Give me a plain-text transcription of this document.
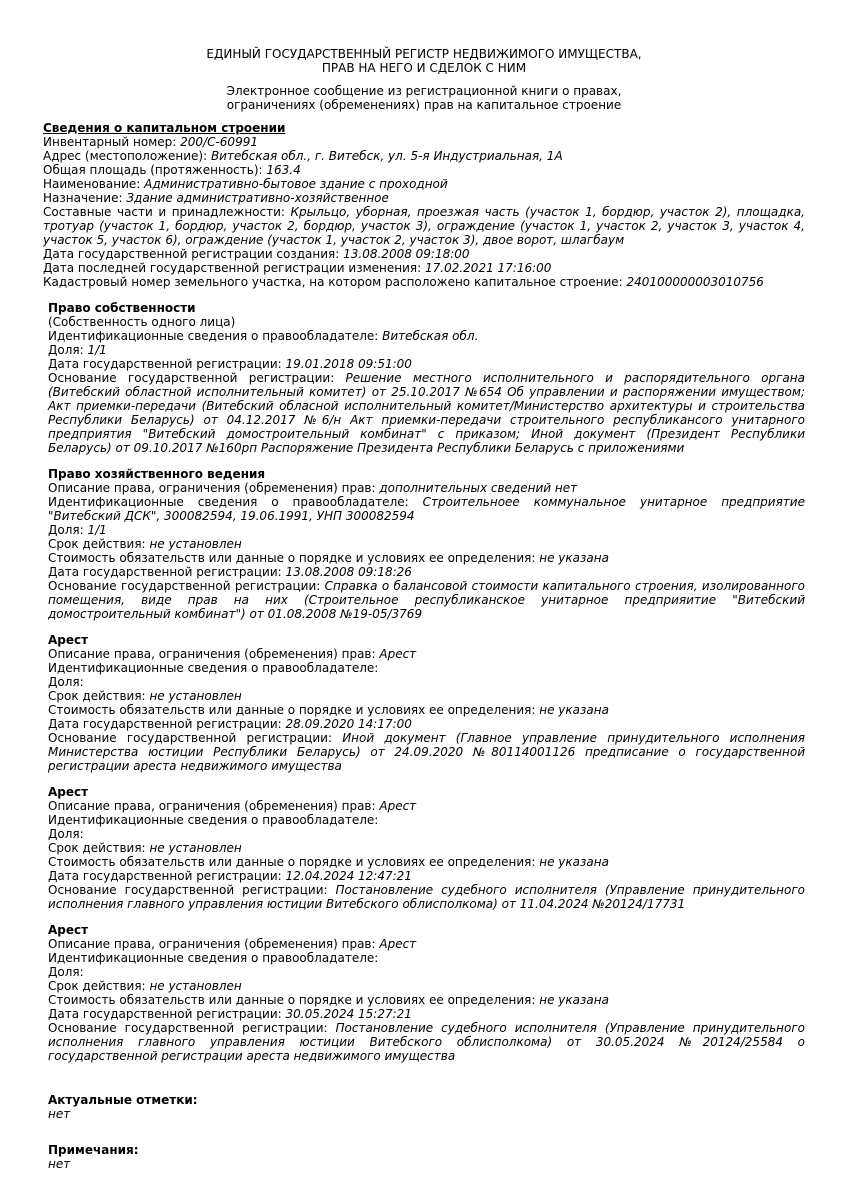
ЕДИНЫЙ ГОСУДАРСТВЕННЫЙ РЕГИСТР НЕДВИЖИМОГО ИМУЩЕСТВА,
ПРАВ НА НЕГО И СДЕЛОК С НИМ
Электронное сообщение из регистрационной книги о правах,
ограничениях (обременениях) прав на капитальное строение
Сведения о капитальном строении
Инвентарный номер: 200/С-60991
Адрес (местоположение): Витебская обл., г. Витебск, ул. 5-я Индустриальная, 1А
Общая площадь (протяженность): 163.4
Наименование: Административно-бытовое здание с проходной
Назначение: Здание административно-хозяйственное
Составные части и принадлежности: Крыльцо, уборная, проезжая часть (участок 1, бордюр, участок 2), площадка, тротуар (участок 1, бордюр, участок 2, бордюр, участок 3), ограждение (участок 1, участок 2, участок 3, участок 4, участок 5, участок 6), ограждение (участок 1, участок 2, участок 3), двое ворот, шлагбаум
Дата государственной регистрации создания: 13.08.2008 09:18:00
Дата последней государственной регистрации изменения: 17.02.2021 17:16:00
Кадастровый номер земельного участка, на котором расположено капитальное строение: 240100000003010756
Право собственности
(Собственность одного лица)
Идентификационные сведения о правообладателе: Витебская обл.
Доля: 1/1
Дата государственной регистрации: 19.01.2018 09:51:00
Основание государственной регистрации: Решение местного исполнительного и распорядительного органа (Витебский областной исполнительный комитет) от 25.10.2017 №654 Об управлении и распоряжении имуществом; Акт приемки-передачи (Витебский обласной исполнительный комитет/Министерство архитектуры и строительства Республики Беларусь) от 04.12.2017 №6/н Акт приемки-передачи строительного республикансого унитарного предприятия "Витебский домостроительный комбинат" с приказом; Иной документ (Президент Республики Беларусь) от 09.10.2017 №160рп Распоряжение Президента Республики Беларусь с приложениями
Право хозяйственного ведения
Описание права, ограничения (обременения) прав: дополнительных сведений нет
Идентификационные сведения о правообладателе: Строительноее коммунальное унитарное предприятие "Витебский ДСК", 300082594, 19.06.1991, УНП 300082594
Доля: 1/1
Срок действия: не установлен
Стоимость обязательств или данные о порядке и условиях ее определения: не указана
Дата государственной регистрации: 13.08.2008 09:18:26
Основание государственной регистрации: Справка о балансовой стоимости капитального строения, изолированного помещения, виде прав на них (Строительное республиканское унитарное предприяитие "Витебский домостроительный комбинат") от 01.08.2008 №19-05/3769
Арест
Описание права, ограничения (обременения) прав: Арест
Идентификационные сведения о правообладателе:
Доля:
Срок действия: не установлен
Стоимость обязательств или данные о порядке и условиях ее определения: не указана
Дата государственной регистрации: 28.09.2020 14:17:00
Основание государственной регистрации: Иной документ (Главное управление принудительного исполнения Министерства юстиции Республики Беларусь) от 24.09.2020 №80114001126 предписание о государственной регистрации ареста недвижимого имущества
Арест
Описание права, ограничения (обременения) прав: Арест
Идентификационные сведения о правообладателе:
Доля:
Срок действия: не установлен
Стоимость обязательств или данные о порядке и условиях ее определения: не указана
Дата государственной регистрации: 12.04.2024 12:47:21
Основание государственной регистрации: Постановление судебного исполнителя (Управление принудительного исполнения главного управления юстиции Витебского облисполкома) от 11.04.2024 №20124/17731
Арест
Описание права, ограничения (обременения) прав: Арест
Идентификационные сведения о правообладателе:
Доля:
Срок действия: не установлен
Стоимость обязательств или данные о порядке и условиях ее определения: не указана
Дата государственной регистрации: 30.05.2024 15:27:21
Основание государственной регистрации: Постановление судебного исполнителя (Управление принудительного исполнения главного управления юстиции Витебского облисполкома) от 30.05.2024 №20124/25584 о государственной регистрации ареста недвижимого имущества
Актуальные отметки:
нет
Примечания:
нет
